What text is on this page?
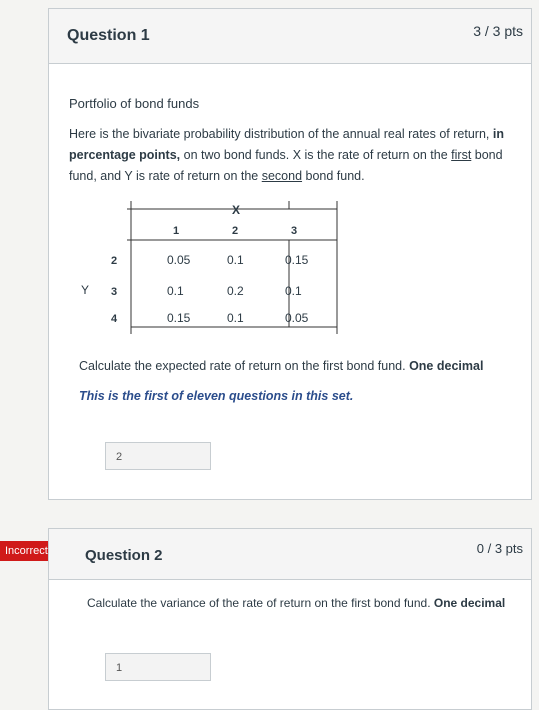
Question 1	3 / 3 pts
Portfolio of bond funds
Here is the bivariate probability distribution of the annual real rates of return, in percentage points, on two bond funds. X is the rate of return on the first bond fund, and Y is rate of return on the second bond fund.
X
1	2	3
Y
2	0.05	0.1	0.15
3	0.1	0.2	0.1
4	0.15	0.1	0.05
Calculate the expected rate of return on the first bond fund. One decimal
This is the first of eleven questions in this set.
2
Incorrect	Question 2	0 / 3 pts
Calculate the variance of the rate of return on the first bond fund. One decimal
1
